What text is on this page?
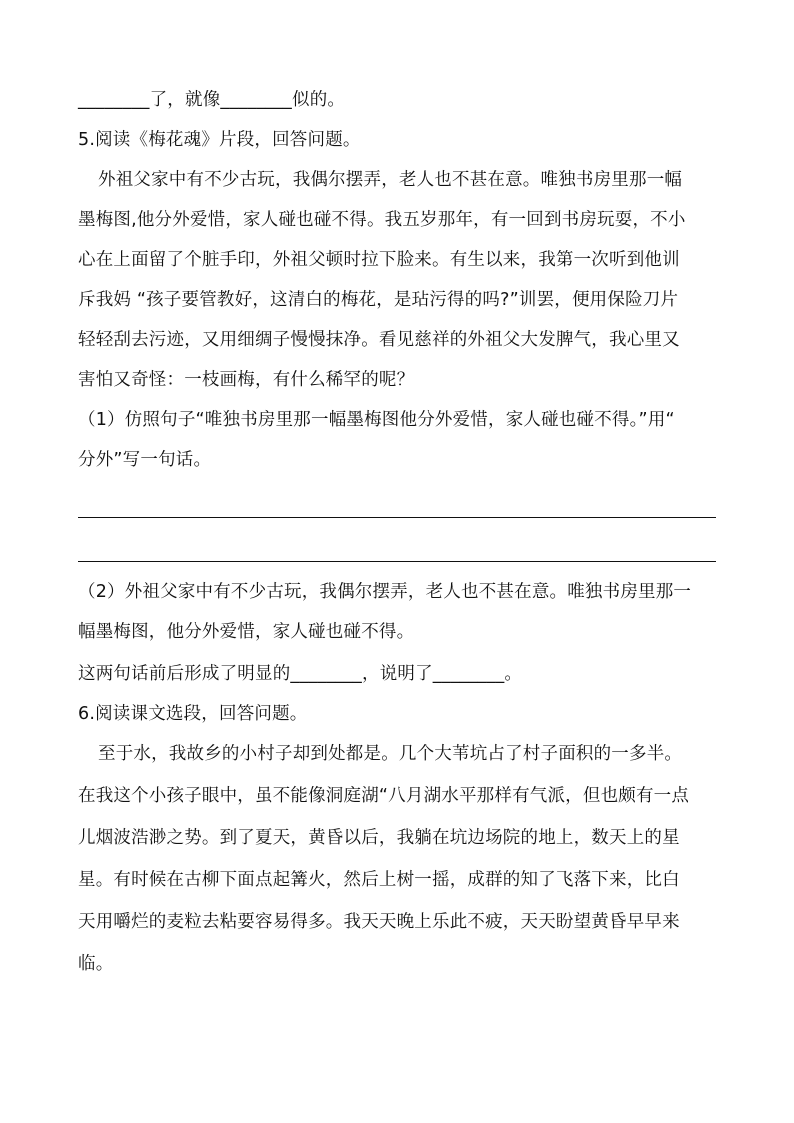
________了，就像________似的。
5.阅读《梅花魂》片段，回答问题。
外祖父家中有不少古玩，我偶尔摆弄，老人也不甚在意。唯独书房里那一幅
墨梅图,他分外爱惜，家人碰也碰不得。我五岁那年，有一回到书房玩耍，不小
心在上面留了个脏手印，外祖父顿时拉下脸来。有生以来，我第一次听到他训
斥我妈 “孩子要管教好，这清白的梅花，是玷污得的吗?”训罢，便用保险刀片
轻轻刮去污迹，又用细绸子慢慢抹净。看见慈祥的外祖父大发脾气，我心里又
害怕又奇怪：一枝画梅，有什么稀罕的呢？
（1）仿照句子“唯独书房里那一幅墨梅图他分外爱惜，家人碰也碰不得。”用“
分外”写一句话。
（2）外祖父家中有不少古玩，我偶尔摆弄，老人也不甚在意。唯独书房里那一
幅墨梅图，他分外爱惜，家人碰也碰不得。
这两句话前后形成了明显的________，说明了________。
6.阅读课文选段，回答问题。
至于水，我故乡的小村子却到处都是。几个大苇坑占了村子面积的一多半。
在我这个小孩子眼中，虽不能像洞庭湖“八月湖水平那样有气派，但也颇有一点
儿烟波浩渺之势。到了夏天，黄昏以后，我躺在坑边场院的地上，数天上的星
星。有时候在古柳下面点起篝火，然后上树一摇，成群的知了飞落下来，比白
天用嚼烂的麦粒去粘要容易得多。我天天晚上乐此不疲，天天盼望黄昏早早来
临。
